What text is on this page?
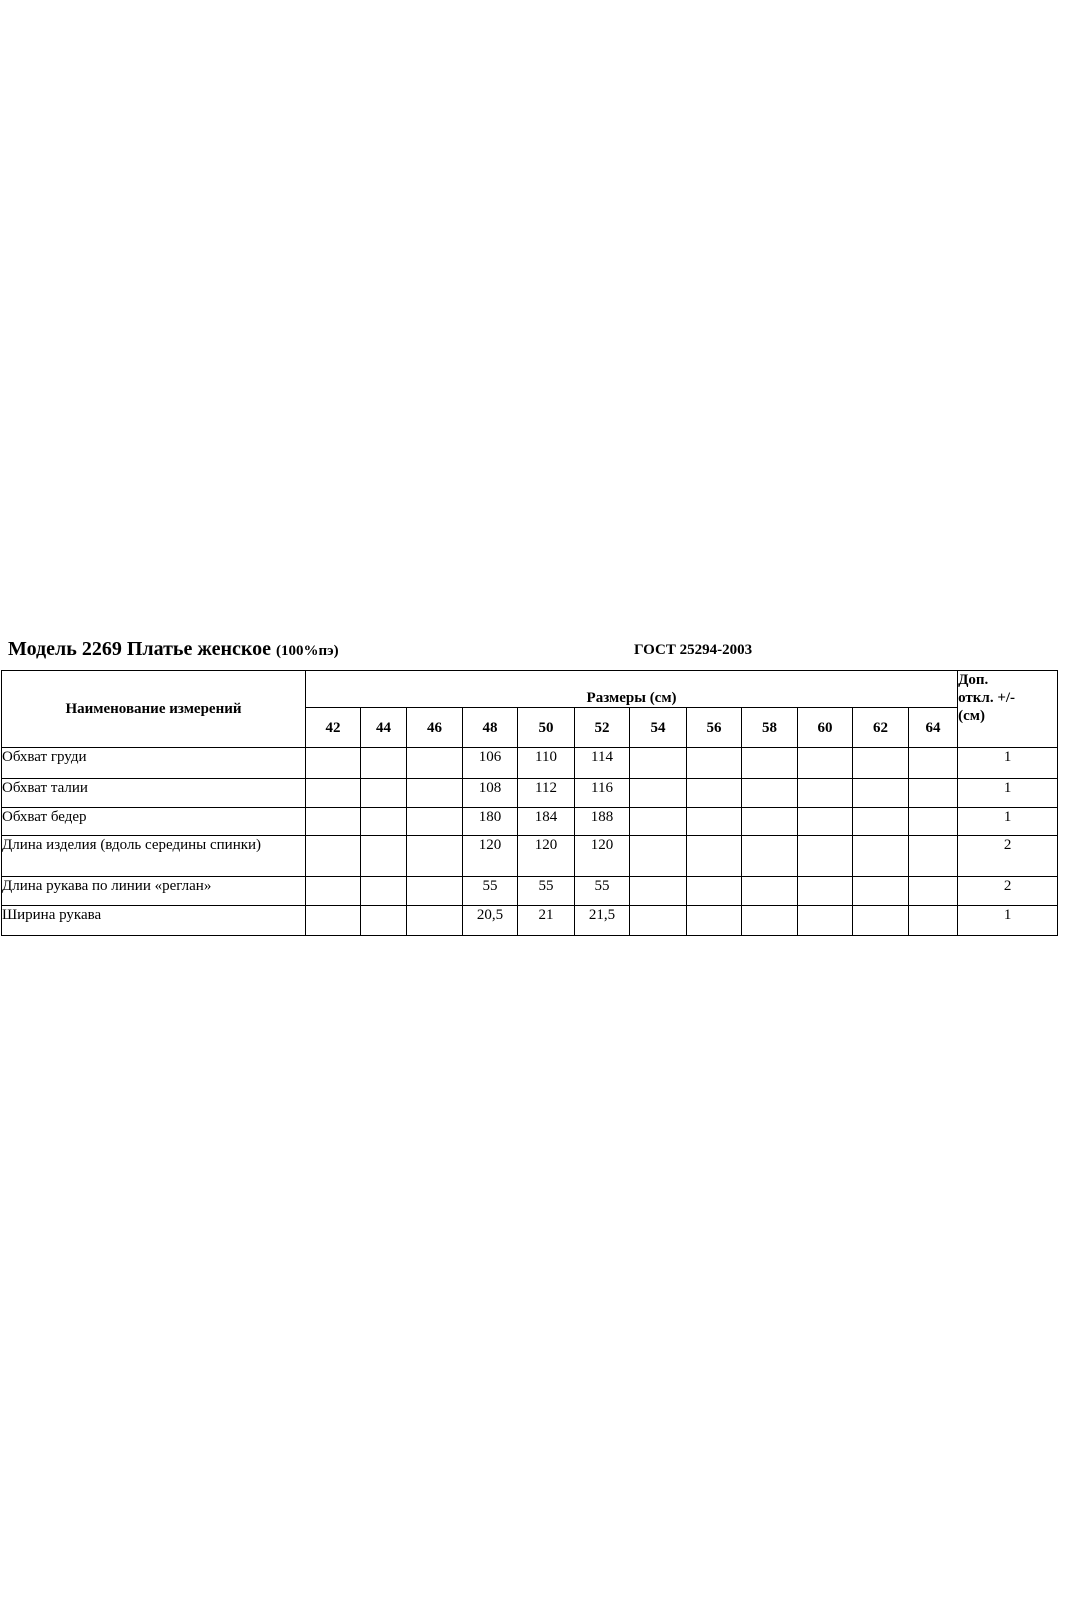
Модель 2269 Платье женское (100%пэ)	ГОСТ 25294-2003
Наименование измерений	Размеры (см)												Доп.
откл. +/-
(см)
	42	44	46	48	50	52	54	56	58	60	62	64	
Обхват груди				106	110	114							1
Обхват талии				108	112	116							1
Обхват бедер				180	184	188							1
Длина изделия (вдоль середины спинки)				120	120	120							2
Длина рукава по линии «реглан»				55	55	55							2
Ширина рукава				20,5	21	21,5							1
